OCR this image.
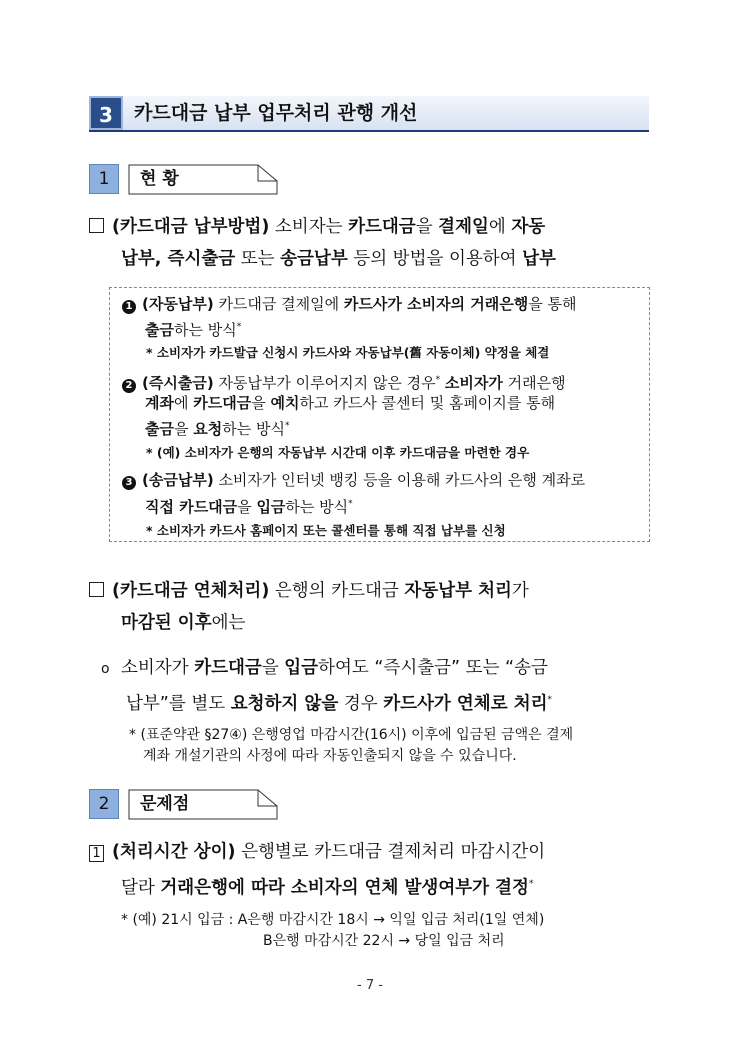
3	카드대금 납부 업무처리 관행 개선
1	현 황
(카드대금 납부방법) 소비자는 카드대금을 결제일에 자동
납부, 즉시출금 또는 송금납부 등의 방법을 이용하여 납부
1 (자동납부) 카드대금 결제일에 카드사가 소비자의 거래은행을 통해
출금하는 방식*
* 소비자가 카드발급 신청시 카드사와 자동납부(舊 자동이체) 약정을 체결
2 (즉시출금) 자동납부가 이루어지지 않은 경우* 소비자가 거래은행
계좌에 카드대금을 예치하고 카드사 콜센터 및 홈페이지를 통해
출금을 요청하는 방식*
* (예) 소비자가 은행의 자동납부 시간대 이후 카드대금을 마련한 경우
3 (송금납부) 소비자가 인터넷 뱅킹 등을 이용해 카드사의 은행 계좌로
직접 카드대금을 입금하는 방식*
* 소비자가 카드사 홈페이지 또는 콜센터를 통해 직접 납부를 신청
(카드대금 연체처리) 은행의 카드대금 자동납부 처리가
마감된 이후에는
o 소비자가 카드대금을 입금하여도 “즉시출금” 또는 “송금
납부”를 별도 요청하지 않을 경우 카드사가 연체로 처리*
* (표준약관 §27④) 은행영업 마감시간(16시) 이후에 입금된 금액은 결제
계좌 개설기관의 사정에 따라 자동인출되지 않을 수 있습니다.
2	문제점
1 (처리시간 상이) 은행별로 카드대금 결제처리 마감시간이
달라 거래은행에 따라 소비자의 연체 발생여부가 결정*
* (예) 21시 입금 : A은행 마감시간 18시 → 익일 입금 처리(1일 연체)
B은행 마감시간 22시 → 당일 입금 처리
- 7 -
